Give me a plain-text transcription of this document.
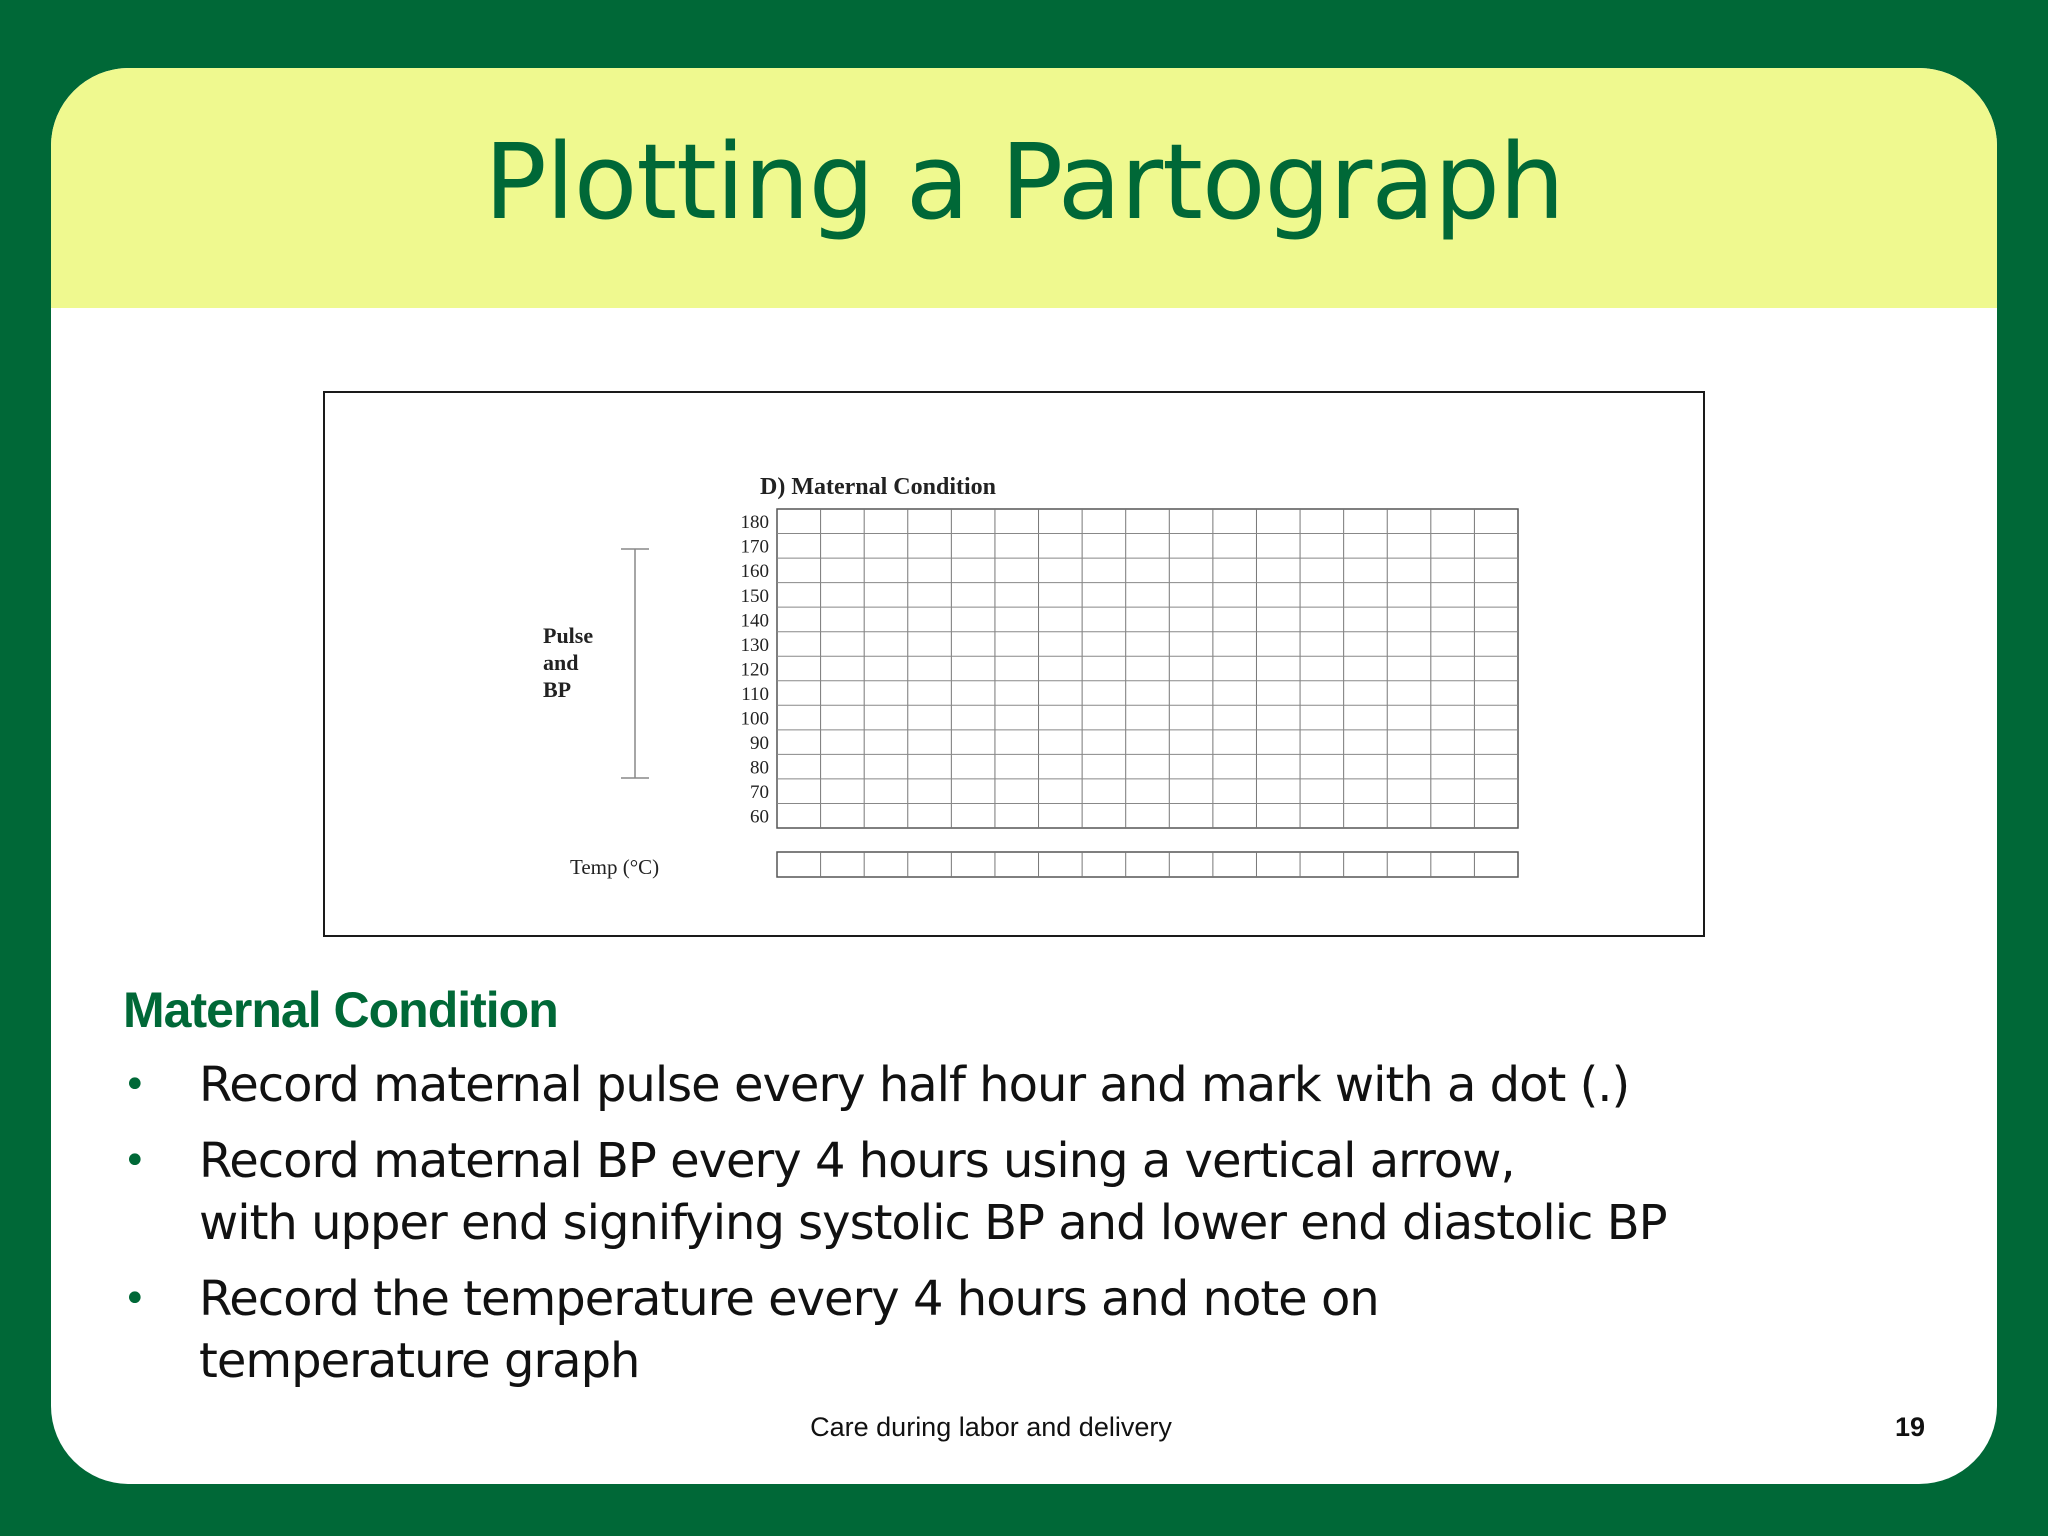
Plotting a Partograph
D) Maternal Condition
Pulse
and
BP
180
170
160
150
140
130
120
110
100
90
80
70
60
Temp (°C)
Maternal Condition
• Record maternal pulse every half hour and mark with a dot (.)
• Record maternal BP every 4 hours using a vertical arrow,
with upper end signifying systolic BP and lower end diastolic BP
• Record the temperature every 4 hours and note on
temperature graph
Care during labor and delivery	19
